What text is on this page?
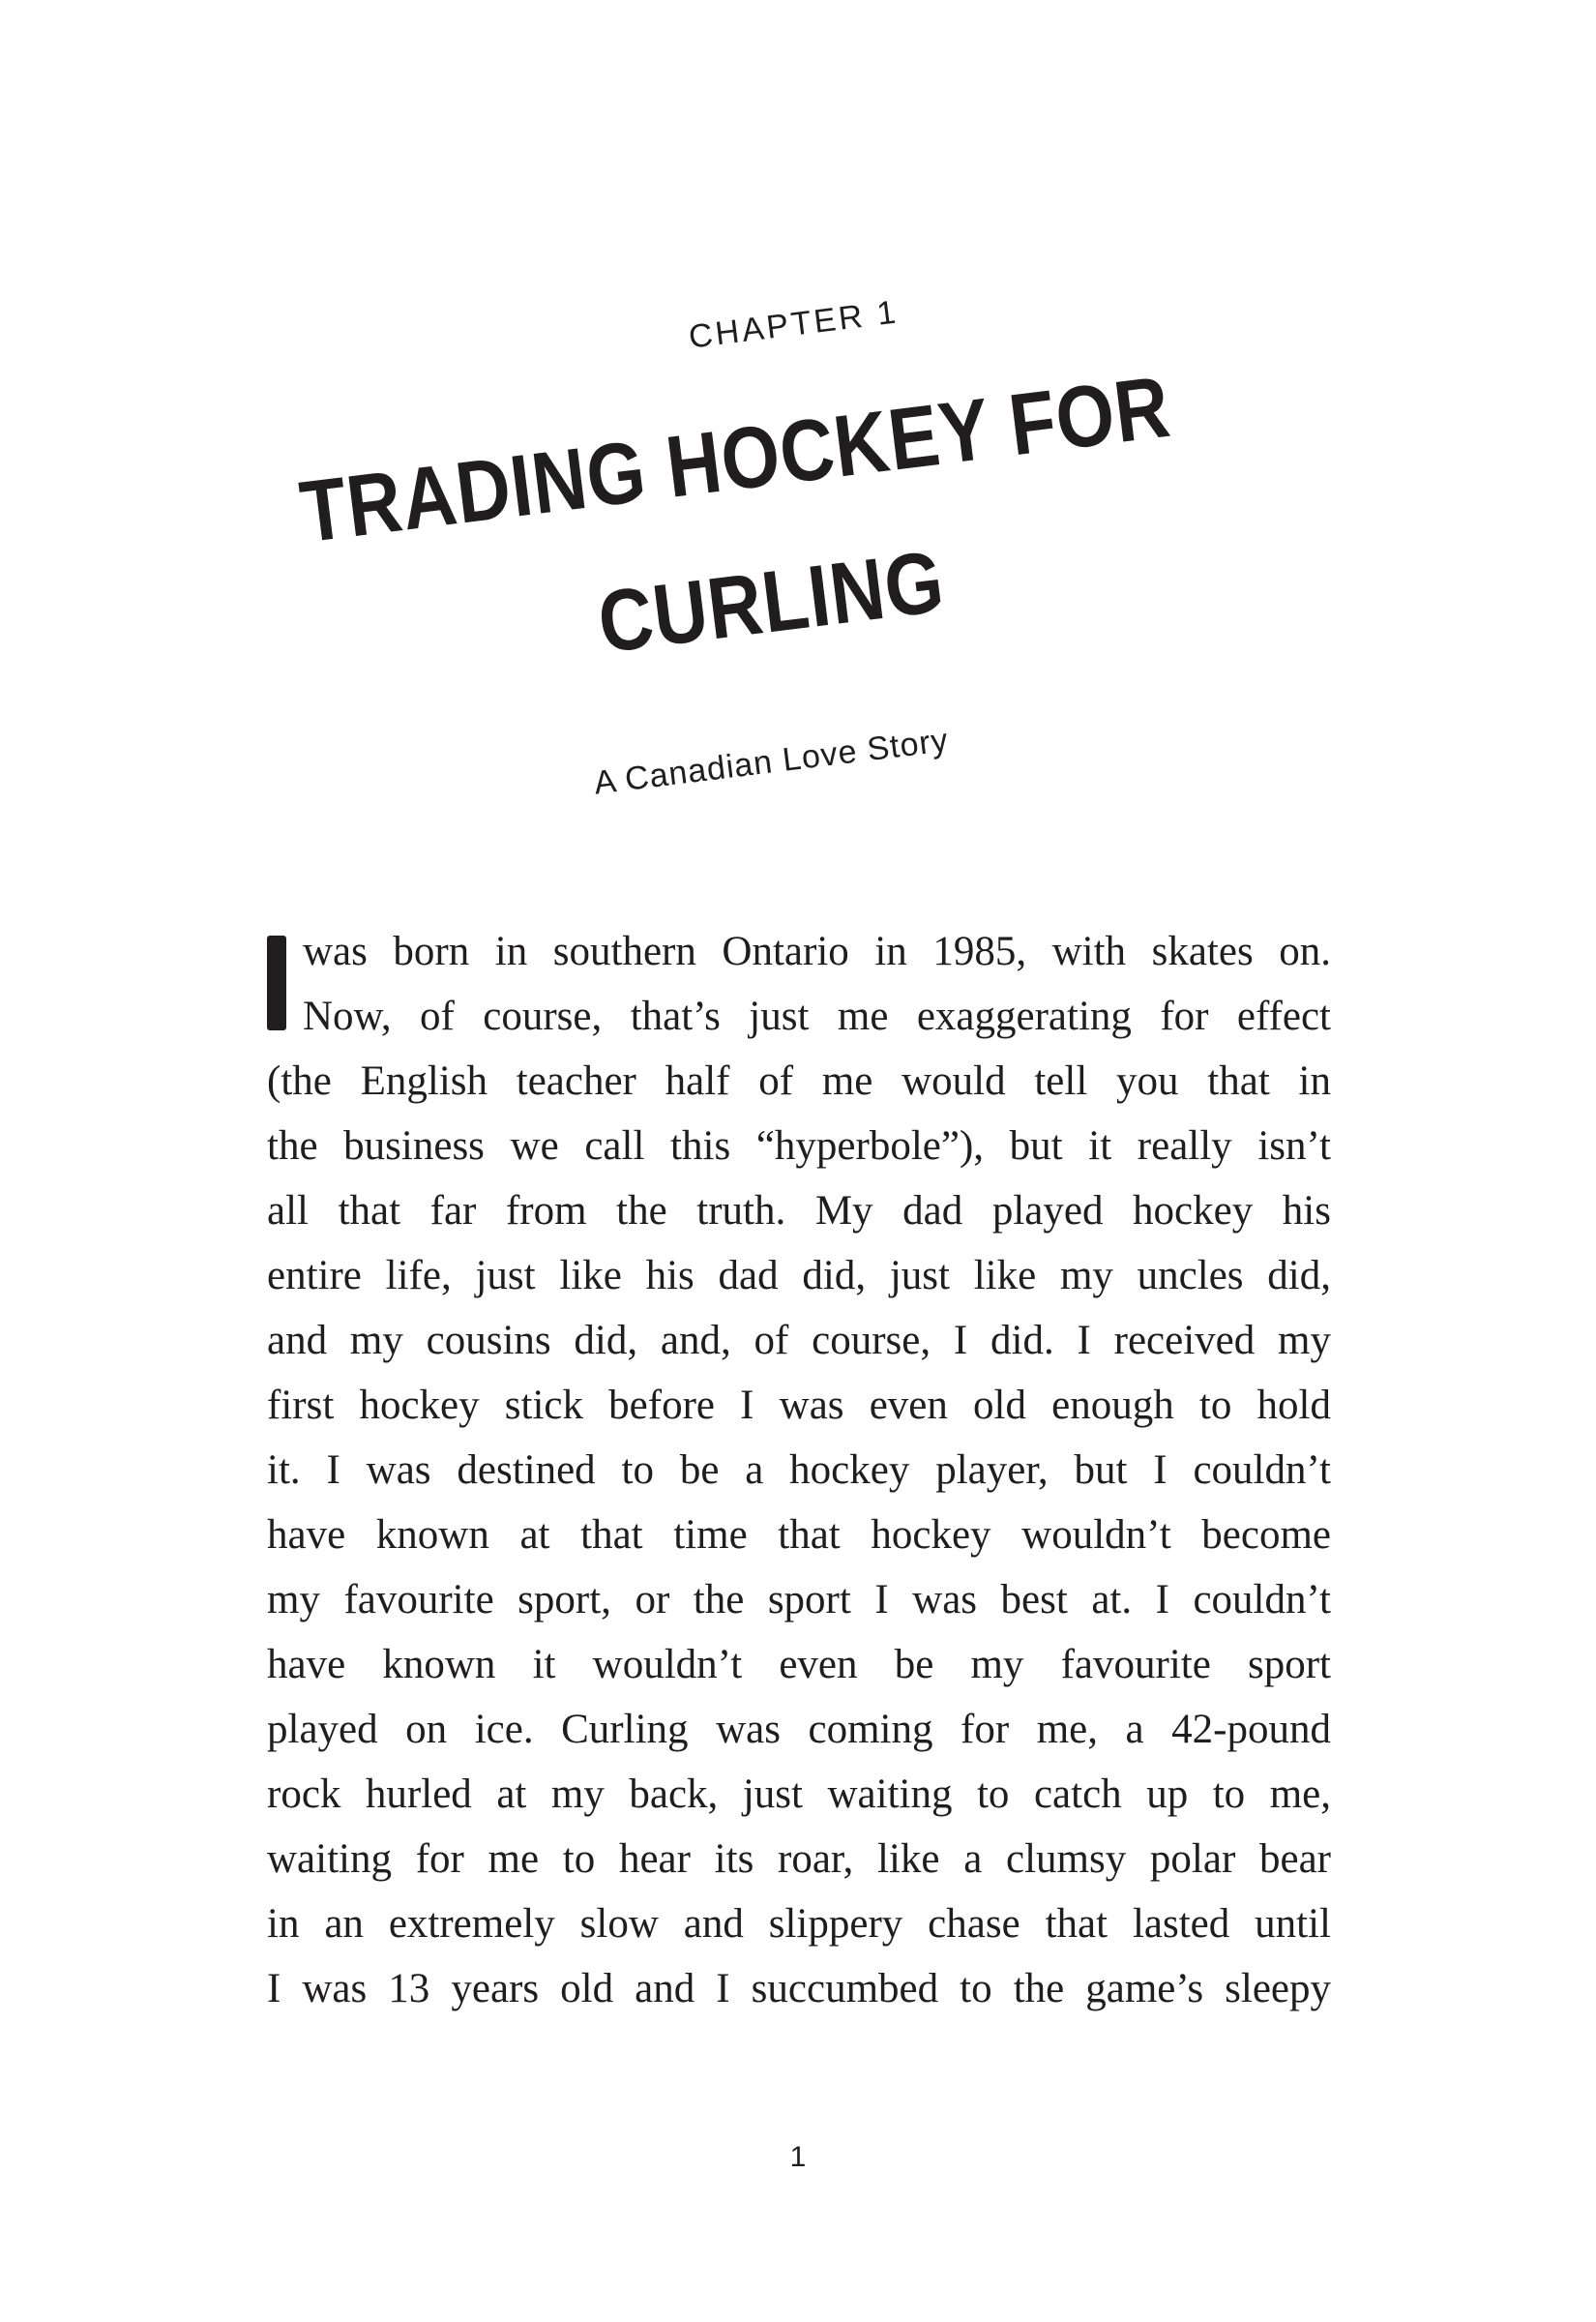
CHAPTER 1
TRADING HOCKEY FOR
CURLING
A Canadian Love Story
was born in southern Ontario in 1985, with skates on.
Now, of course, that’s just me exaggerating for effect
(the English teacher half of me would tell you that in
the business we call this “hyperbole”), but it really isn’t
all that far from the truth. My dad played hockey his
entire life, just like his dad did, just like my uncles did,
and my cousins did, and, of course, I did. I received my
first hockey stick before I was even old enough to hold
it. I was destined to be a hockey player, but I couldn’t
have known at that time that hockey wouldn’t become
my favourite sport, or the sport I was best at. I couldn’t
have known it wouldn’t even be my favourite sport
played on ice. Curling was coming for me, a 42-pound
rock hurled at my back, just waiting to catch up to me,
waiting for me to hear its roar, like a clumsy polar bear
in an extremely slow and slippery chase that lasted until
I was 13 years old and I succumbed to the game’s sleepy
1
